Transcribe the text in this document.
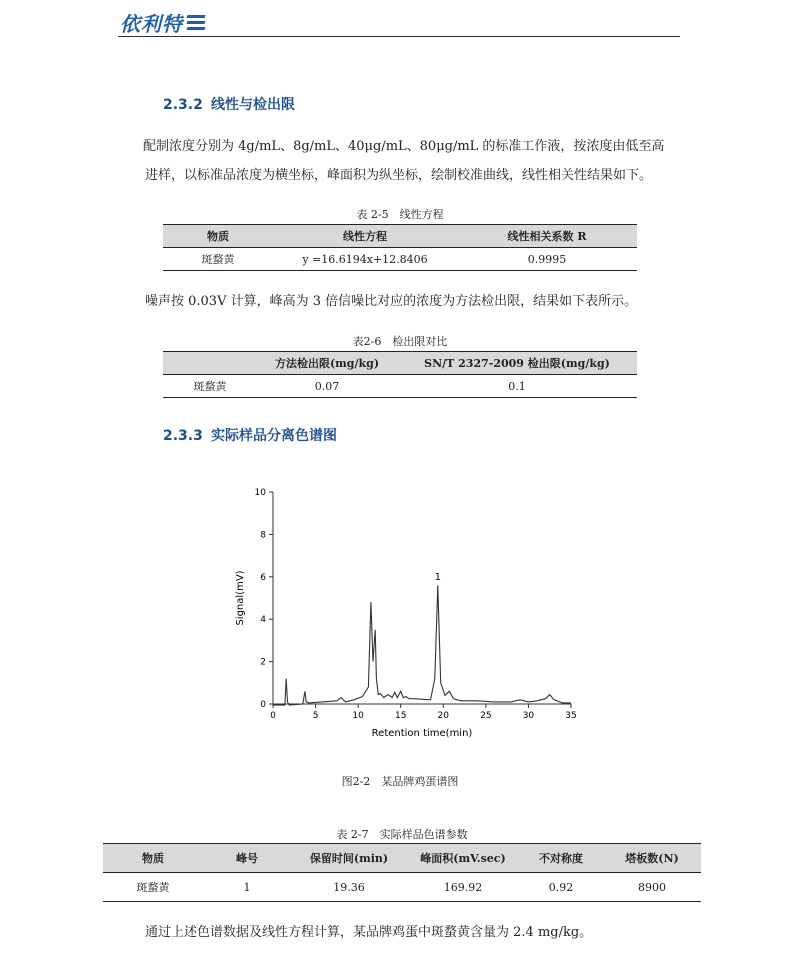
依利特
2.3.2 线性与检出限
配制浓度分别为 4g/mL、8g/mL、40μg/mL、80μg/mL 的标准工作液，按浓度由低至高进样，以标准品浓度为横坐标，峰面积为纵坐标，绘制校准曲线，线性相关性结果如下。
表 2-5　线性方程
物质	线性方程	线性相关系数 R
斑蝥黄	y =16.6194x+12.8406	0.9995
噪声按 0.03V 计算，峰高为 3 倍信噪比对应的浓度为方法检出限，结果如下表所示。
表2-6　检出限对比
	方法检出限(mg/kg)	SN/T 2327-2009 检出限(mg/kg)
斑蝥黄	0.07	0.1
2.3.3 实际样品分离色谱图
0	5	10	15	20	25	30	35
0
2
4
6
8
10
1
Retention time(min)
Signal(mV)
图2-2　某品牌鸡蛋谱图
表 2-7　实际样品色谱参数
物质	峰号	保留时间(min)	峰面积(mV.sec)	不对称度	塔板数(N)
斑蝥黄	1	19.36	169.92	0.92	8900
通过上述色谱数据及线性方程计算，某品牌鸡蛋中斑蝥黄含量为 2.4 mg/kg。
